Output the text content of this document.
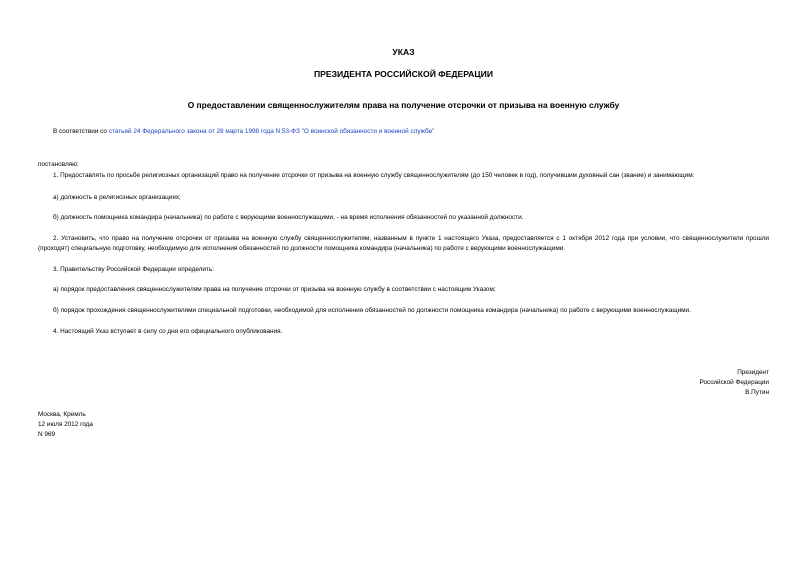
УКАЗ
ПРЕЗИДЕНТА РОССИЙСКОЙ ФЕДЕРАЦИИ
О предоставлении священнослужителям права на получение отсрочки от призыва на военную службу
В соответствии со статьей 24 Федерального закона от 28 марта 1998 года N 53-ФЗ "О воинской обязанности и военной службе"
постановляю:
1. Предоставлять по просьбе религиозных организаций право на получение отсрочки от призыва на военную службу священнослужителям (до 150 человек в год), получившим духовный сан (звание) и занимающим:
а) должность в религиозных организациях;
б) должность помощника командира (начальника) по работе с верующими военнослужащими, - на время исполнения обязанностей по указанной должности.
2. Установить, что право на получение отсрочки от призыва на военную службу священнослужителям, названным в пункте 1 настоящего Указа, предоставляется с 1 октября 2012 года при условии, что священнослужители прошли (проходят) специальную подготовку, необходимую для исполнения обязанностей по должности помощника командира (начальника) по работе с верующими военнослужащими.
3. Правительству Российской Федерации определить:
а) порядок предоставления священнослужителям права на получение отсрочки от призыва на военную службу в соответствии с настоящим Указом;
б) порядок прохождения священнослужителями специальной подготовки, необходимой для исполнения обязанностей по должности помощника командира (начальника) по работе с верующими военнослужащими.
4. Настоящий Указ вступает в силу со дня его официального опубликования.
Президент
Российской Федерации
В.Путин
Москва, Кремль
12 июля 2012 года
N 969
